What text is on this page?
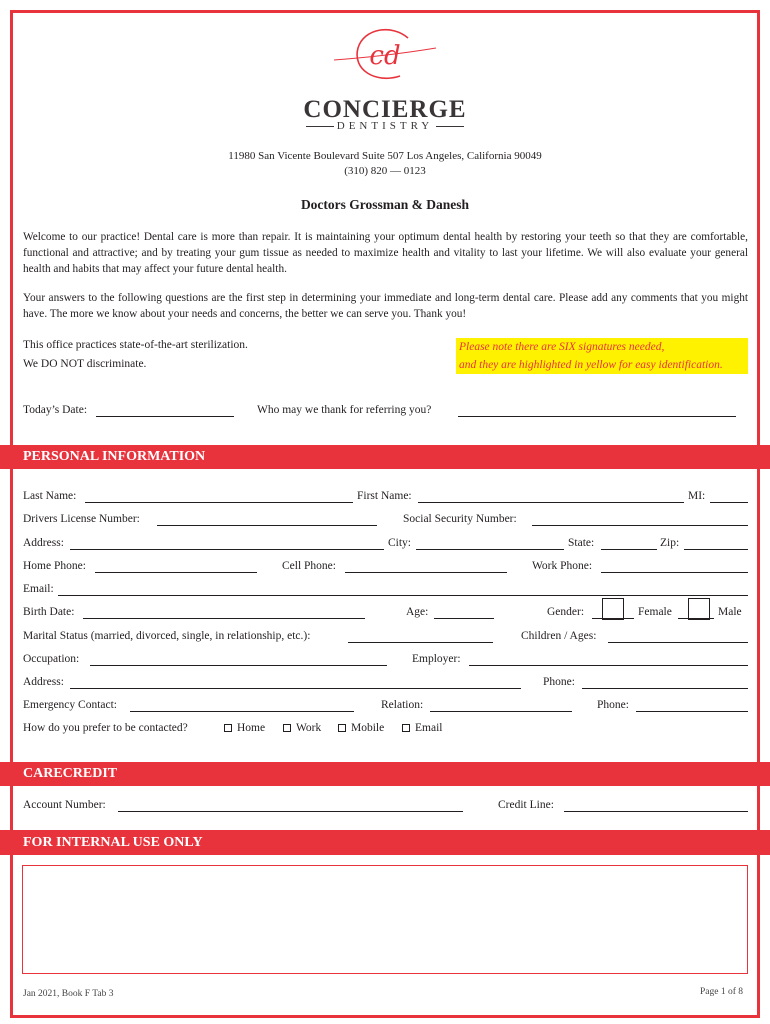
cd
CONCIERGE
DENTISTRY
11980 San Vicente Boulevard Suite 507 Los Angeles, California 90049
(310) 820 — 0123
Doctors Grossman & Danesh
Welcome to our practice! Dental care is more than repair. It is maintaining your optimum dental health by restoring your teeth so that they are comfortable, functional and attractive; and by treating your gum tissue as needed to maximize health and vitality to last your lifetime. We will also evaluate your general health and habits that may affect your future dental health.
Your answers to the following questions are the first step in determining your immediate and long-term dental care. Please add any comments that you might have. The more we know about your needs and concerns, the better we can serve you. Thank you!
This office practices state-of-the-art sterilization.
We DO NOT discriminate.
Please note there are SIX signatures needed,
and they are highlighted in yellow for easy identification.
Today’s Date:	Who may we thank for referring you?
PERSONAL INFORMATION
Last Name:	First Name:	MI:
Drivers License Number:	Social Security Number:
Address:	City:	State:	Zip:
Home Phone:	Cell Phone:	Work Phone:
Email:
Birth Date:	Age:	Gender:	Female	Male
Marital Status (married, divorced, single, in relationship, etc.):	Children / Ages:
Occupation:	Employer:
Address:	Phone:
Emergency Contact:	Relation:	Phone:
How do you prefer to be contacted?	Home	Work	Mobile	Email
CARECREDIT
Account Number:	Credit Line:
FOR INTERNAL USE ONLY
Jan 2021, Book F Tab 3	Page 1 of 8
